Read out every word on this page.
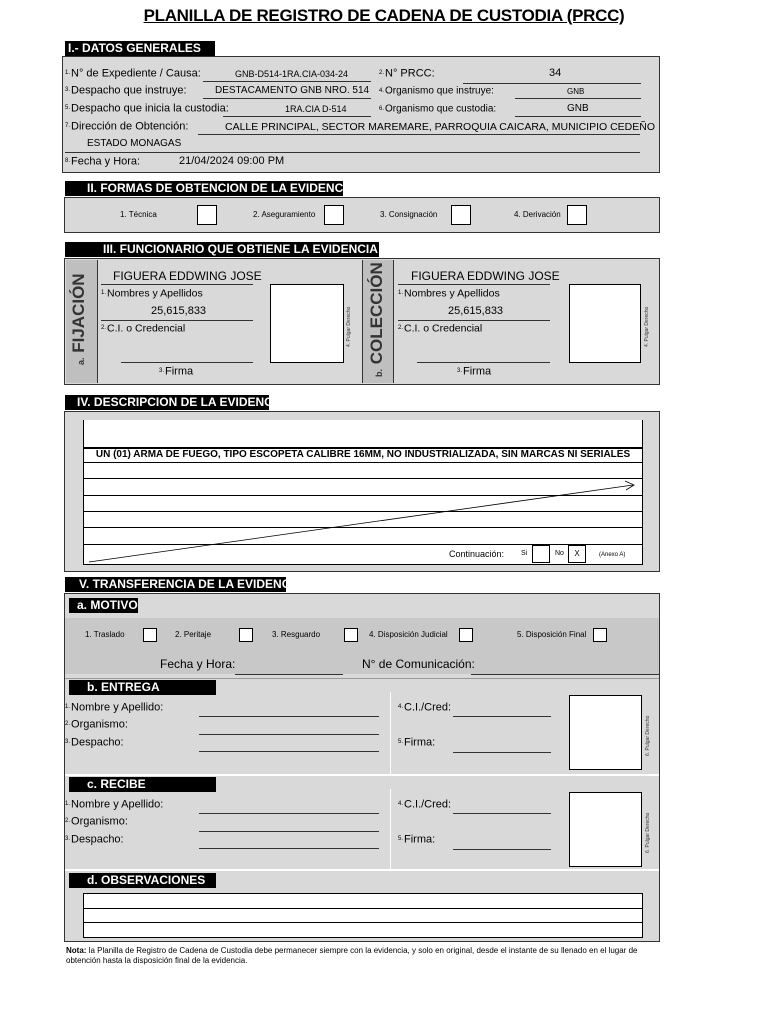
PLANILLA DE REGISTRO DE CADENA DE CUSTODIA (PRCC)
I.- DATOS GENERALES
1.N° de Expediente / Causa:	GNB-D514-1RA.CIA-034-24	2.N° PRCC:	34
3.Despacho que instruye:	DESTACAMENTO GNB NRO. 514 4.Organismo que instruye:	GNB
5.Despacho que inicia la custodia:	1RA.CIA D-514	6.Organismo que custodia:	GNB
7.Dirección de Obtención:	CALLE PRINCIPAL, SECTOR MAREMARE, PARROQUIA CAICARA, MUNICIPIO CEDEÑO
ESTADO MONAGAS
8.Fecha y Hora:	21/04/2024 09:00 PM
II. FORMAS DE OBTENCION DE LA EVIDENCIA
1. Técnica	2. Aseguramiento	3. Consignación	4. Derivación
III. FUNCIONARIO QUE OBTIENE LA EVIDENCIA
a. FIJACIÓN FIGUERA EDDWING JOSE
1.Nombres y Apellidos
25,615,833
2.C.I. o Credencial
3.Firma
4. Pulgar Derecho
b. COLECCIÓN FIGUERA EDDWING JOSE
1.Nombres y Apellidos
25,615,833
2.C.I. o Credencial
3.Firma
4. Pulgar Derecho
IV. DESCRIPCION DE LA EVIDENCIA
UN (01) ARMA DE FUEGO, TIPO ESCOPETA CALIBRE 16MM, NO INDUSTRIALIZADA, SIN MARCAS NI SERIALES
Continuación: Si	No	X	(Anexo A)
V. TRANSFERENCIA DE LA EVIDENCIA
a. MOTIVO
1. Traslado	2. Peritaje	3. Resguardo	4. Disposición Judicial	5. Disposición Final
Fecha y Hora:	N° de Comunicación:
b. ENTREGA
1.Nombre y Apellido:
2.Organismo:
3.Despacho:
4.C.I./Cred:
5.Firma:	6. Pulgar Derecho
c. RECIBE
1.Nombre y Apellido:
2.Organismo:
3.Despacho:
4.C.I./Cred:
5.Firma:	6. Pulgar Derecho
d. OBSERVACIONES
Nota: la Planilla de Registro de Cadena de Custodia debe permanecer siempre con la evidencia, y solo en original, desde el instante de su llenado en el lugar de obtención hasta la disposición final de la evidencia.
